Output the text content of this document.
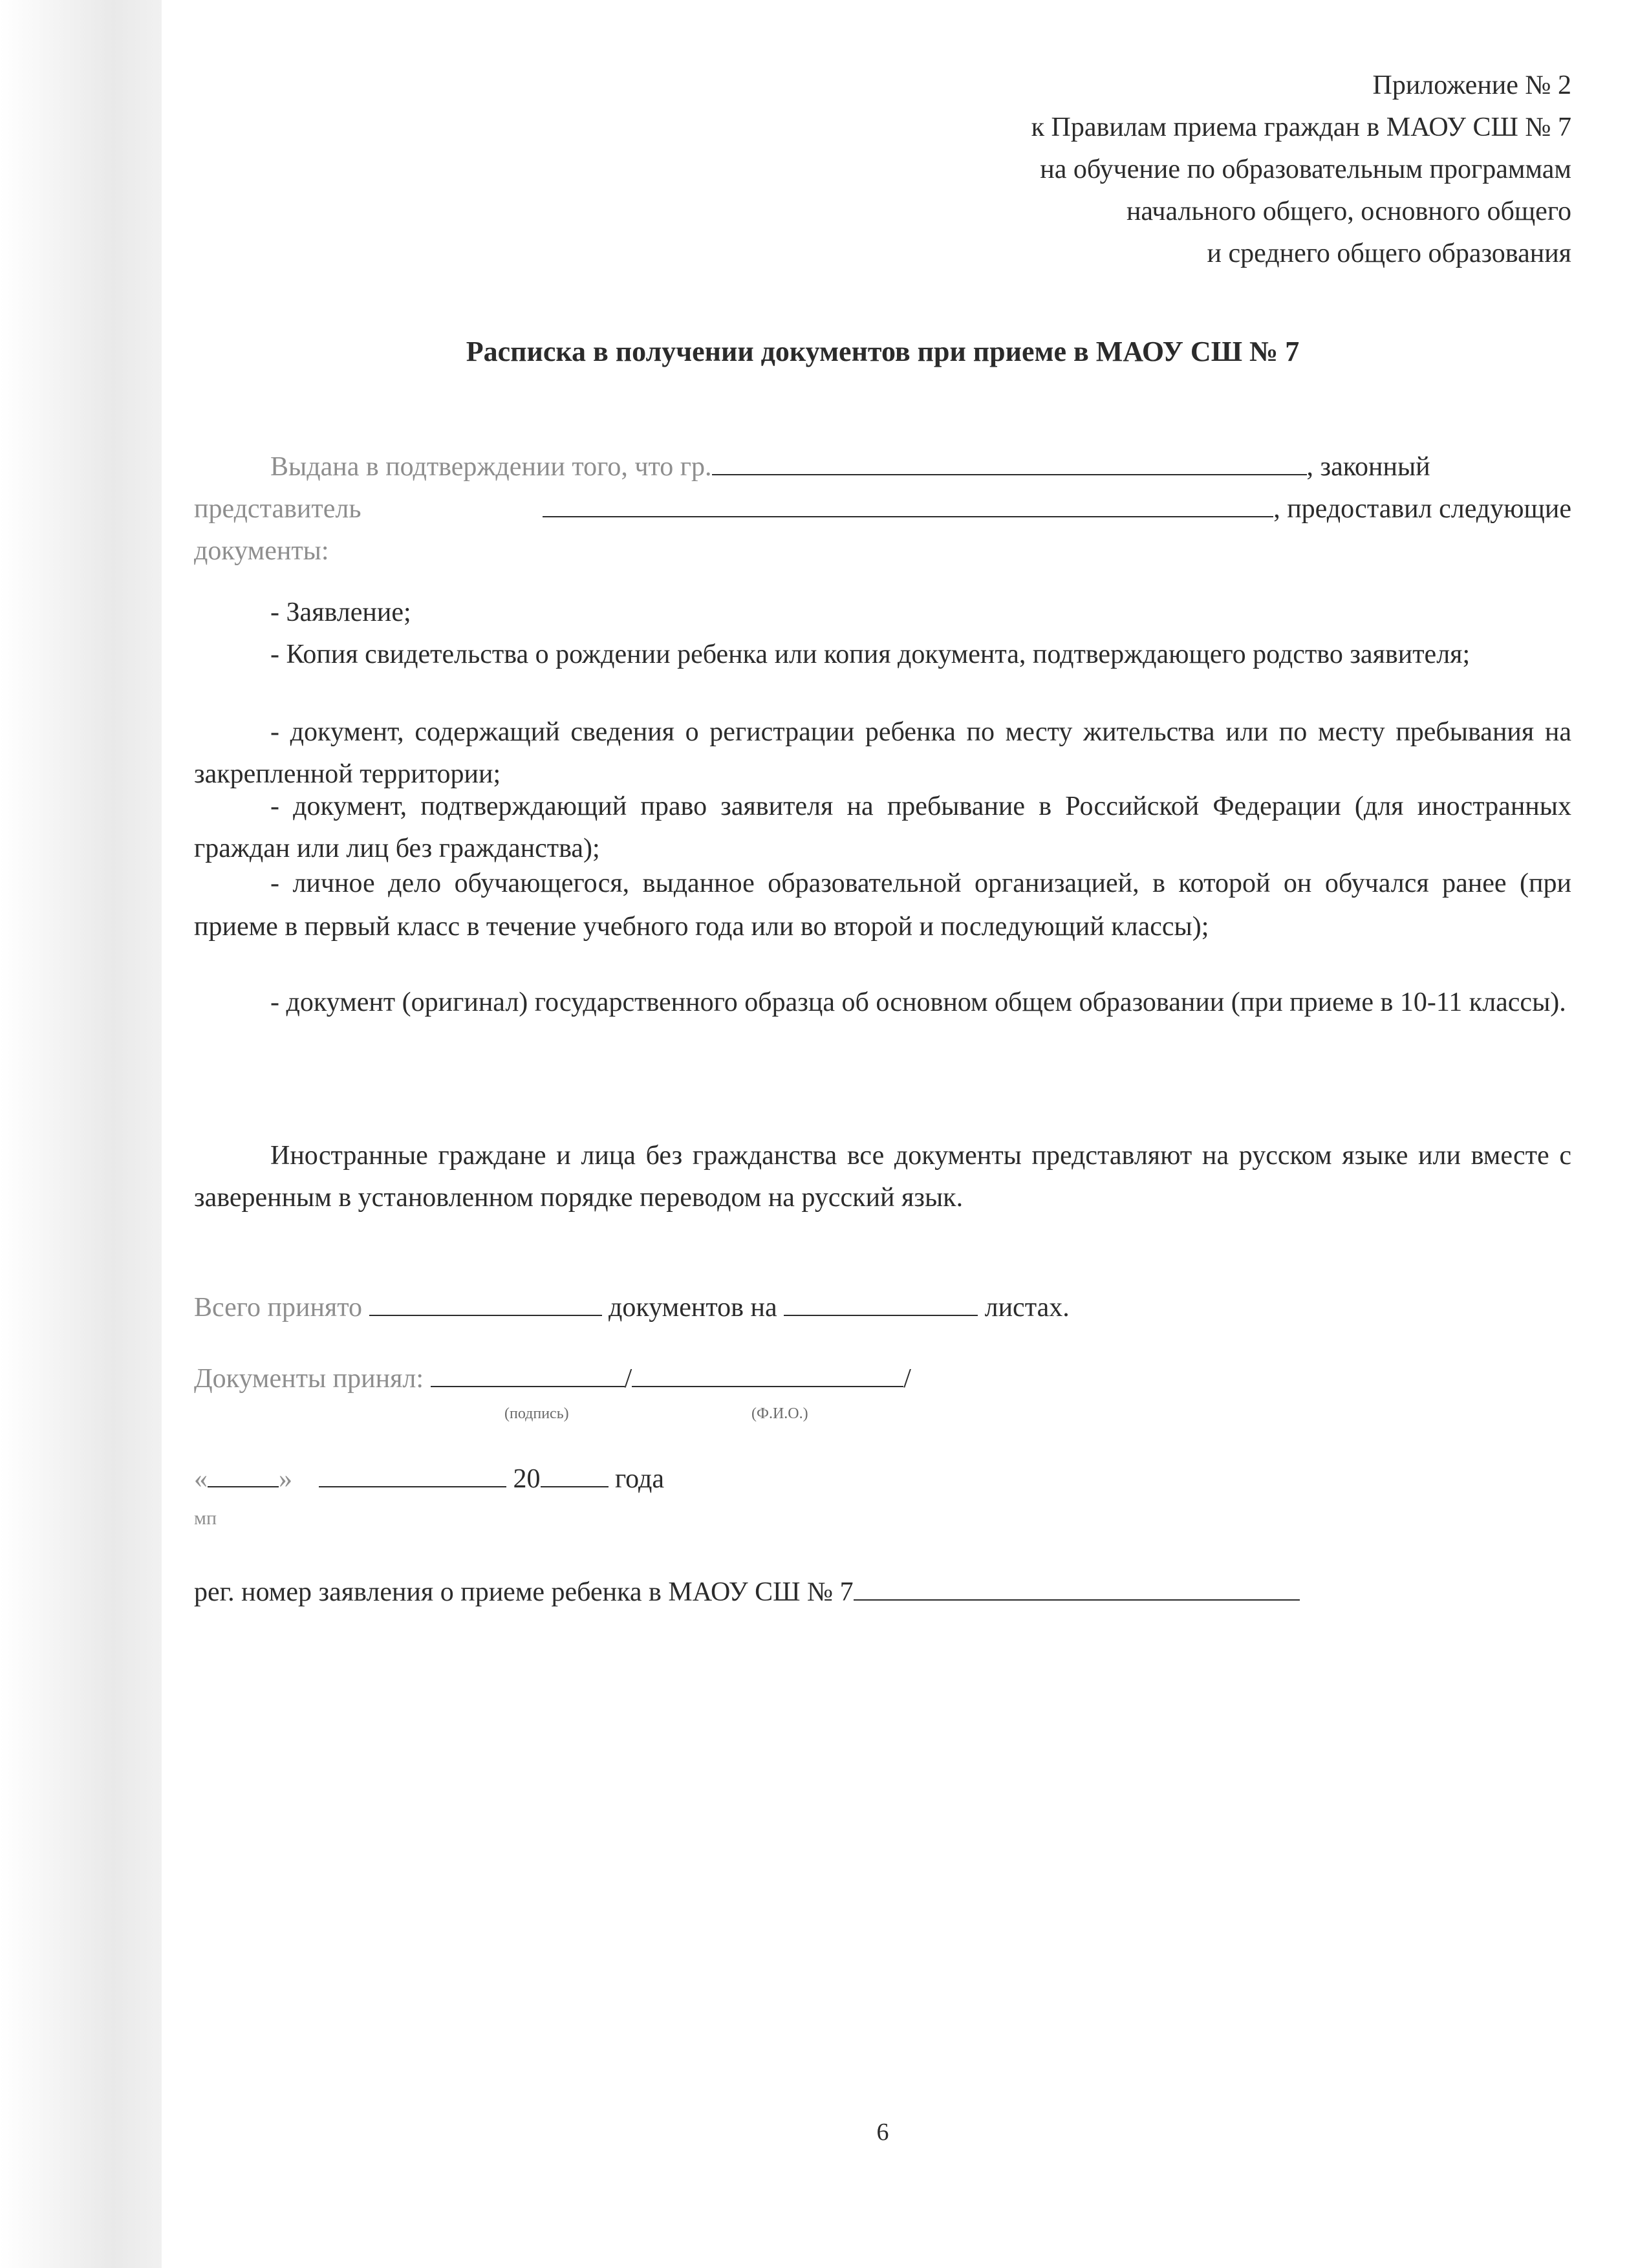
Приложение № 2
к Правилам приема граждан в МАОУ СШ № 7
на обучение по образовательным программам
начального общего, основного общего
и среднего общего образования
Расписка в получении документов при приеме в МАОУ СШ № 7
Выдана в подтверждении того, что гр.	, законный
представитель	, предоставил следующие
документы:
- Заявление;
- Копия свидетельства о рождении ребенка или копия документа, подтверждающего родство заявителя;
- документ, содержащий сведения о регистрации ребенка по месту жительства или по месту пребывания на закрепленной территории;
- документ, подтверждающий право заявителя на пребывание в Российской Федерации (для иностранных граждан или лиц без гражданства);
- личное дело обучающегося, выданное образовательной организацией, в которой он обучался ранее (при приеме в первый класс в течение учебного года или во второй и последующий классы);
- документ (оригинал) государственного образца об основном общем образовании (при приеме в 10-11 классы).
Иностранные граждане и лица без гражданства все документы представляют на русском языке или вместе с заверенным в установленном порядке переводом на русский язык.
Всего принято	документов на	листах.
Документы принял:	/	/
(подпись)	(Ф.И.О.)
«	»	20	года
мп
рег. номер заявления о приеме ребенка в МАОУ СШ № 7
6
